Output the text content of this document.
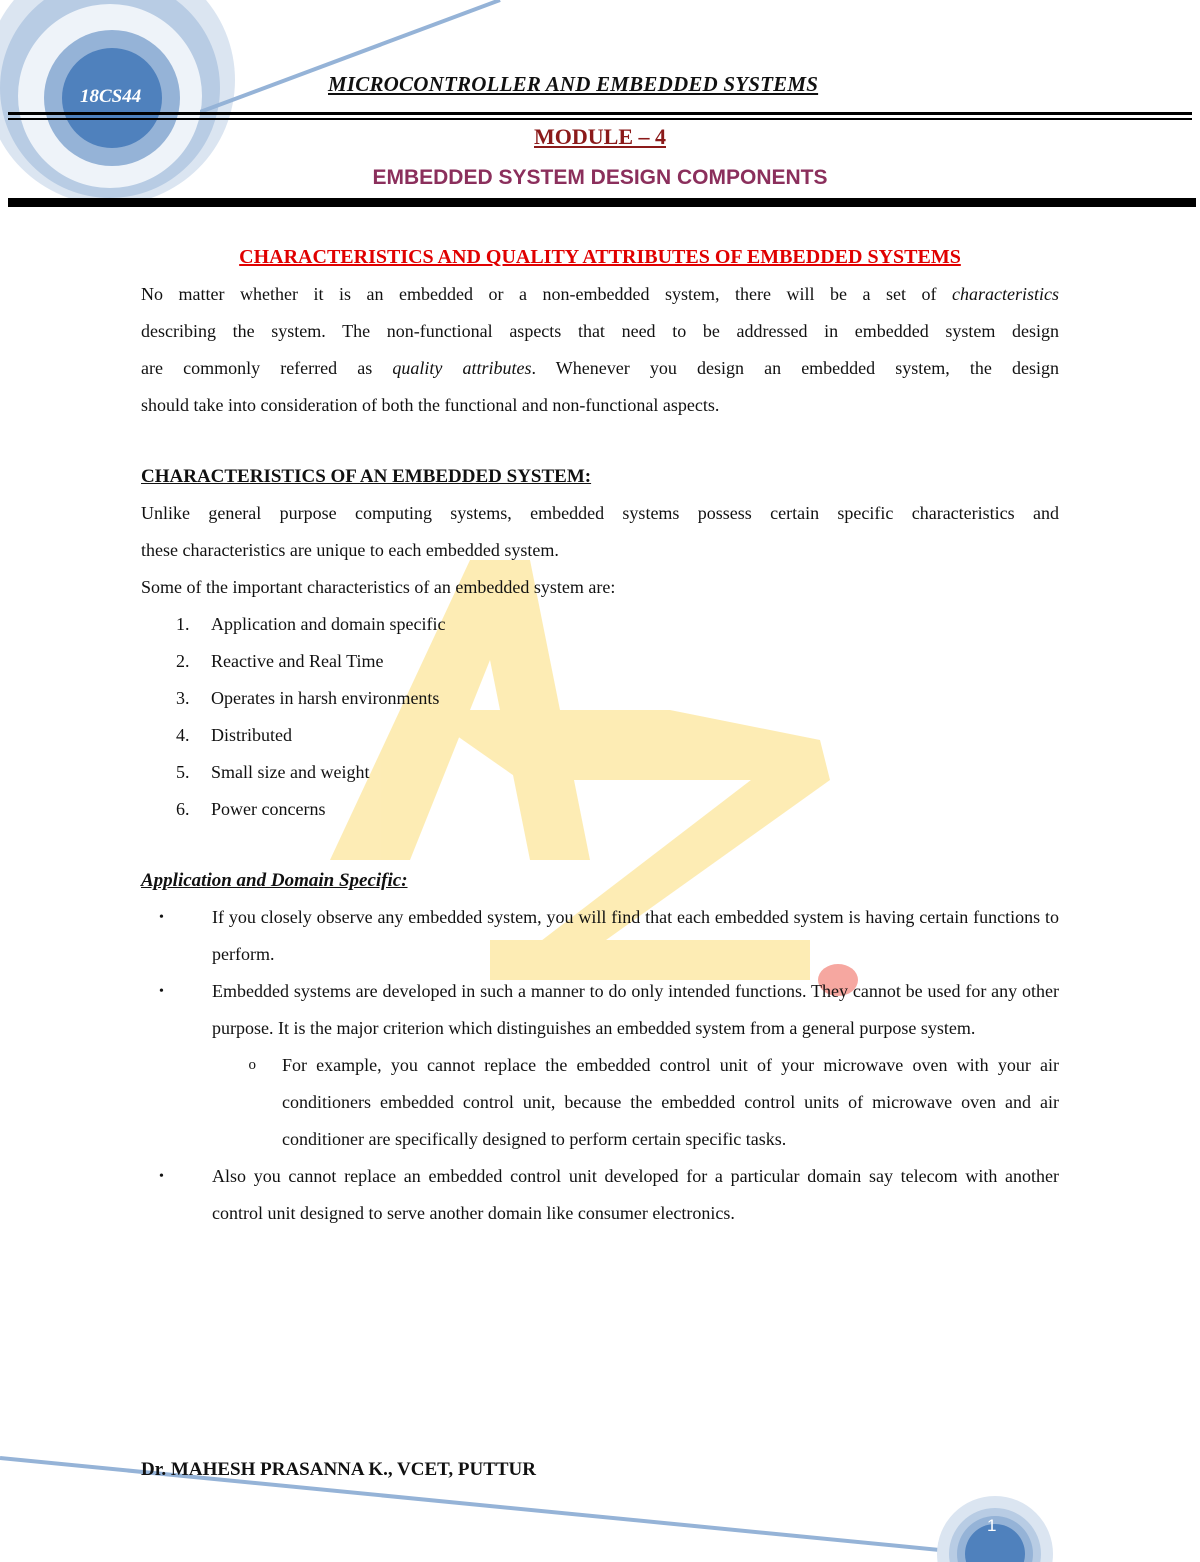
18CS44
MICROCONTROLLER AND EMBEDDED SYSTEMS
MODULE – 4
EMBEDDED SYSTEM DESIGN COMPONENTS
CHARACTERISTICS AND QUALITY ATTRIBUTES OF EMBEDDED SYSTEMS

No matter whether it is an embedded or a non-embedded system, there will be a set of characteristics

describing the system. The non-functional aspects that need to be addressed in embedded system design

are commonly referred as quality attributes. Whenever you design an embedded system, the design

should take into consideration of both the functional and non-functional aspects.

CHARACTERISTICS OF AN EMBEDDED SYSTEM:

Unlike general purpose computing systems, embedded systems possess certain specific characteristics and

these characteristics are unique to each embedded system.

Some of the important characteristics of an embedded system are:

1.	Application and domain specific
2.	Reactive and Real Time
3.	Operates in harsh environments
4.	Distributed
5.	Small size and weight
6.	Power concerns
Application and Domain Specific:
•	If you closely observe any embedded system, you will find that each embedded system is having certain functions to perform.
•	Embedded systems are developed in such a manner to do only intended functions. They cannot be used for any other purpose. It is the major criterion which distinguishes an embedded system from a general purpose system.
o	For example, you cannot replace the embedded control unit of your microwave oven with your air conditioners embedded control unit, because the embedded control units of microwave oven and air conditioner are specifically designed to perform certain specific tasks.
•	Also you cannot replace an embedded control unit developed for a particular domain say telecom with another control unit designed to serve another domain like consumer electronics.
Dr. MAHESH PRASANNA K., VCET, PUTTUR
1
